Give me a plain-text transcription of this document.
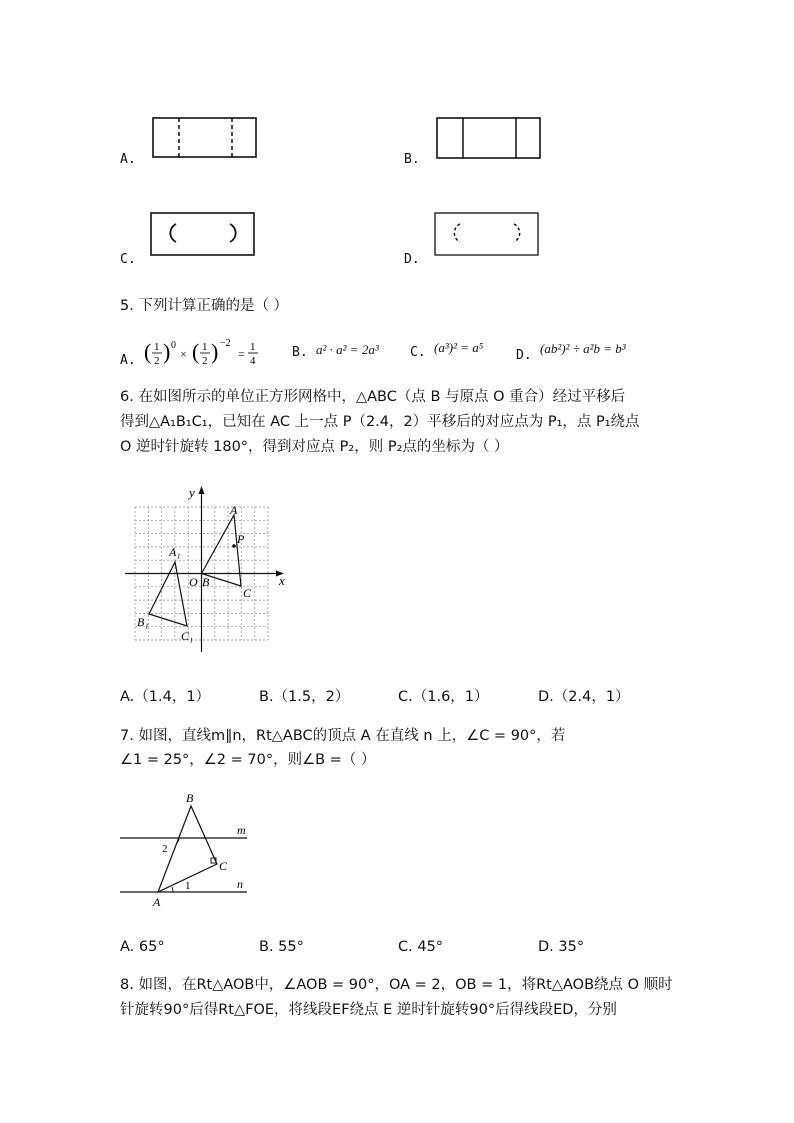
A.	B.
C.	D.
5. 下列计算正确的是（ ）
A. ( 1
2 ) 0
× ( 1
2 ) −2
= 1
4
B. a² · a² = 2a³ C. (a³)² = a⁵
D. (ab²)² ÷ a²b = b³
6. 在如图所示的单位正方形网格中，△ABC（点 B 与原点 O 重合）经过平移后
得到△A₁B₁C₁，已知在 AC 上一点 P（2.4，2）平移后的对应点为 P₁，点 P₁绕点
O 逆时针旋转 180°，得到对应点 P₂，则 P₂点的坐标为（ ）
y
x
A
P
A₁
O B
C
B₁
C₁
A.（1.4，1）	B.（1.5，2）	C.（1.6，1）	D.（2.4，1）
7. 如图，直线m∥n，Rt△ABC的顶点 A 在直线 n 上，∠C = 90°，若
∠1 = 25°，∠2 = 70°，则∠B =（ ）
B
m
n
C
A
1
2
A. 65°	B. 55°	C. 45°	D. 35°
8. 如图，在Rt△AOB中，∠AOB = 90°，OA = 2，OB = 1，将Rt△AOB绕点 O 顺时
针旋转90°后得Rt△FOE，将线段EF绕点 E 逆时针旋转90°后得线段ED，分别
